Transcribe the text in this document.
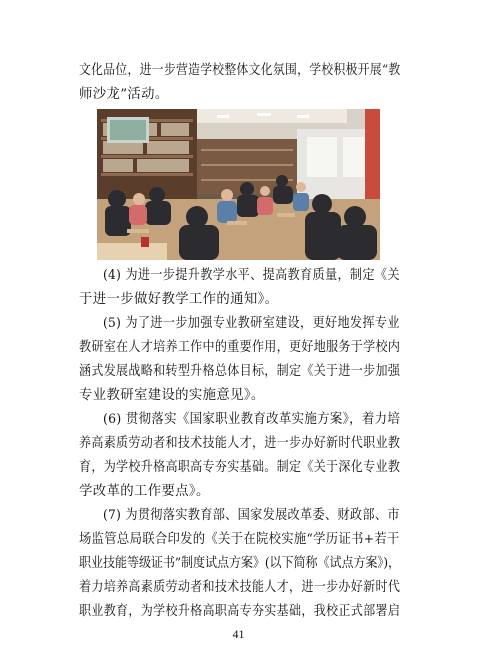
文化品位，进一步营造学校整体文化氛围，学校积极开展“教
师沙龙”活动。
(4) 为进一步提升教学水平、提高教育质量，制定《关
于进一步做好教学工作的通知》。
(5) 为了进一步加强专业教研室建设，更好地发挥专业
教研室在人才培养工作中的重要作用，更好地服务于学校内
涵式发展战略和转型升格总体目标，制定《关于进一步加强
专业教研室建设的实施意见》。
(6) 贯彻落实《国家职业教育改革实施方案》，着力培
养高素质劳动者和技术技能人才，进一步办好新时代职业教
育，为学校升格高职高专夯实基础。制定《关于深化专业教
学改革的工作要点》。
(7) 为贯彻落实教育部、国家发展改革委、财政部、市
场监管总局联合印发的《关于在院校实施“学历证书+若干
职业技能等级证书”制度试点方案》(以下简称《试点方案》)，
着力培养高素质劳动者和技术技能人才，进一步办好新时代
职业教育，为学校升格高职高专夯实基础，我校正式部署启
41
